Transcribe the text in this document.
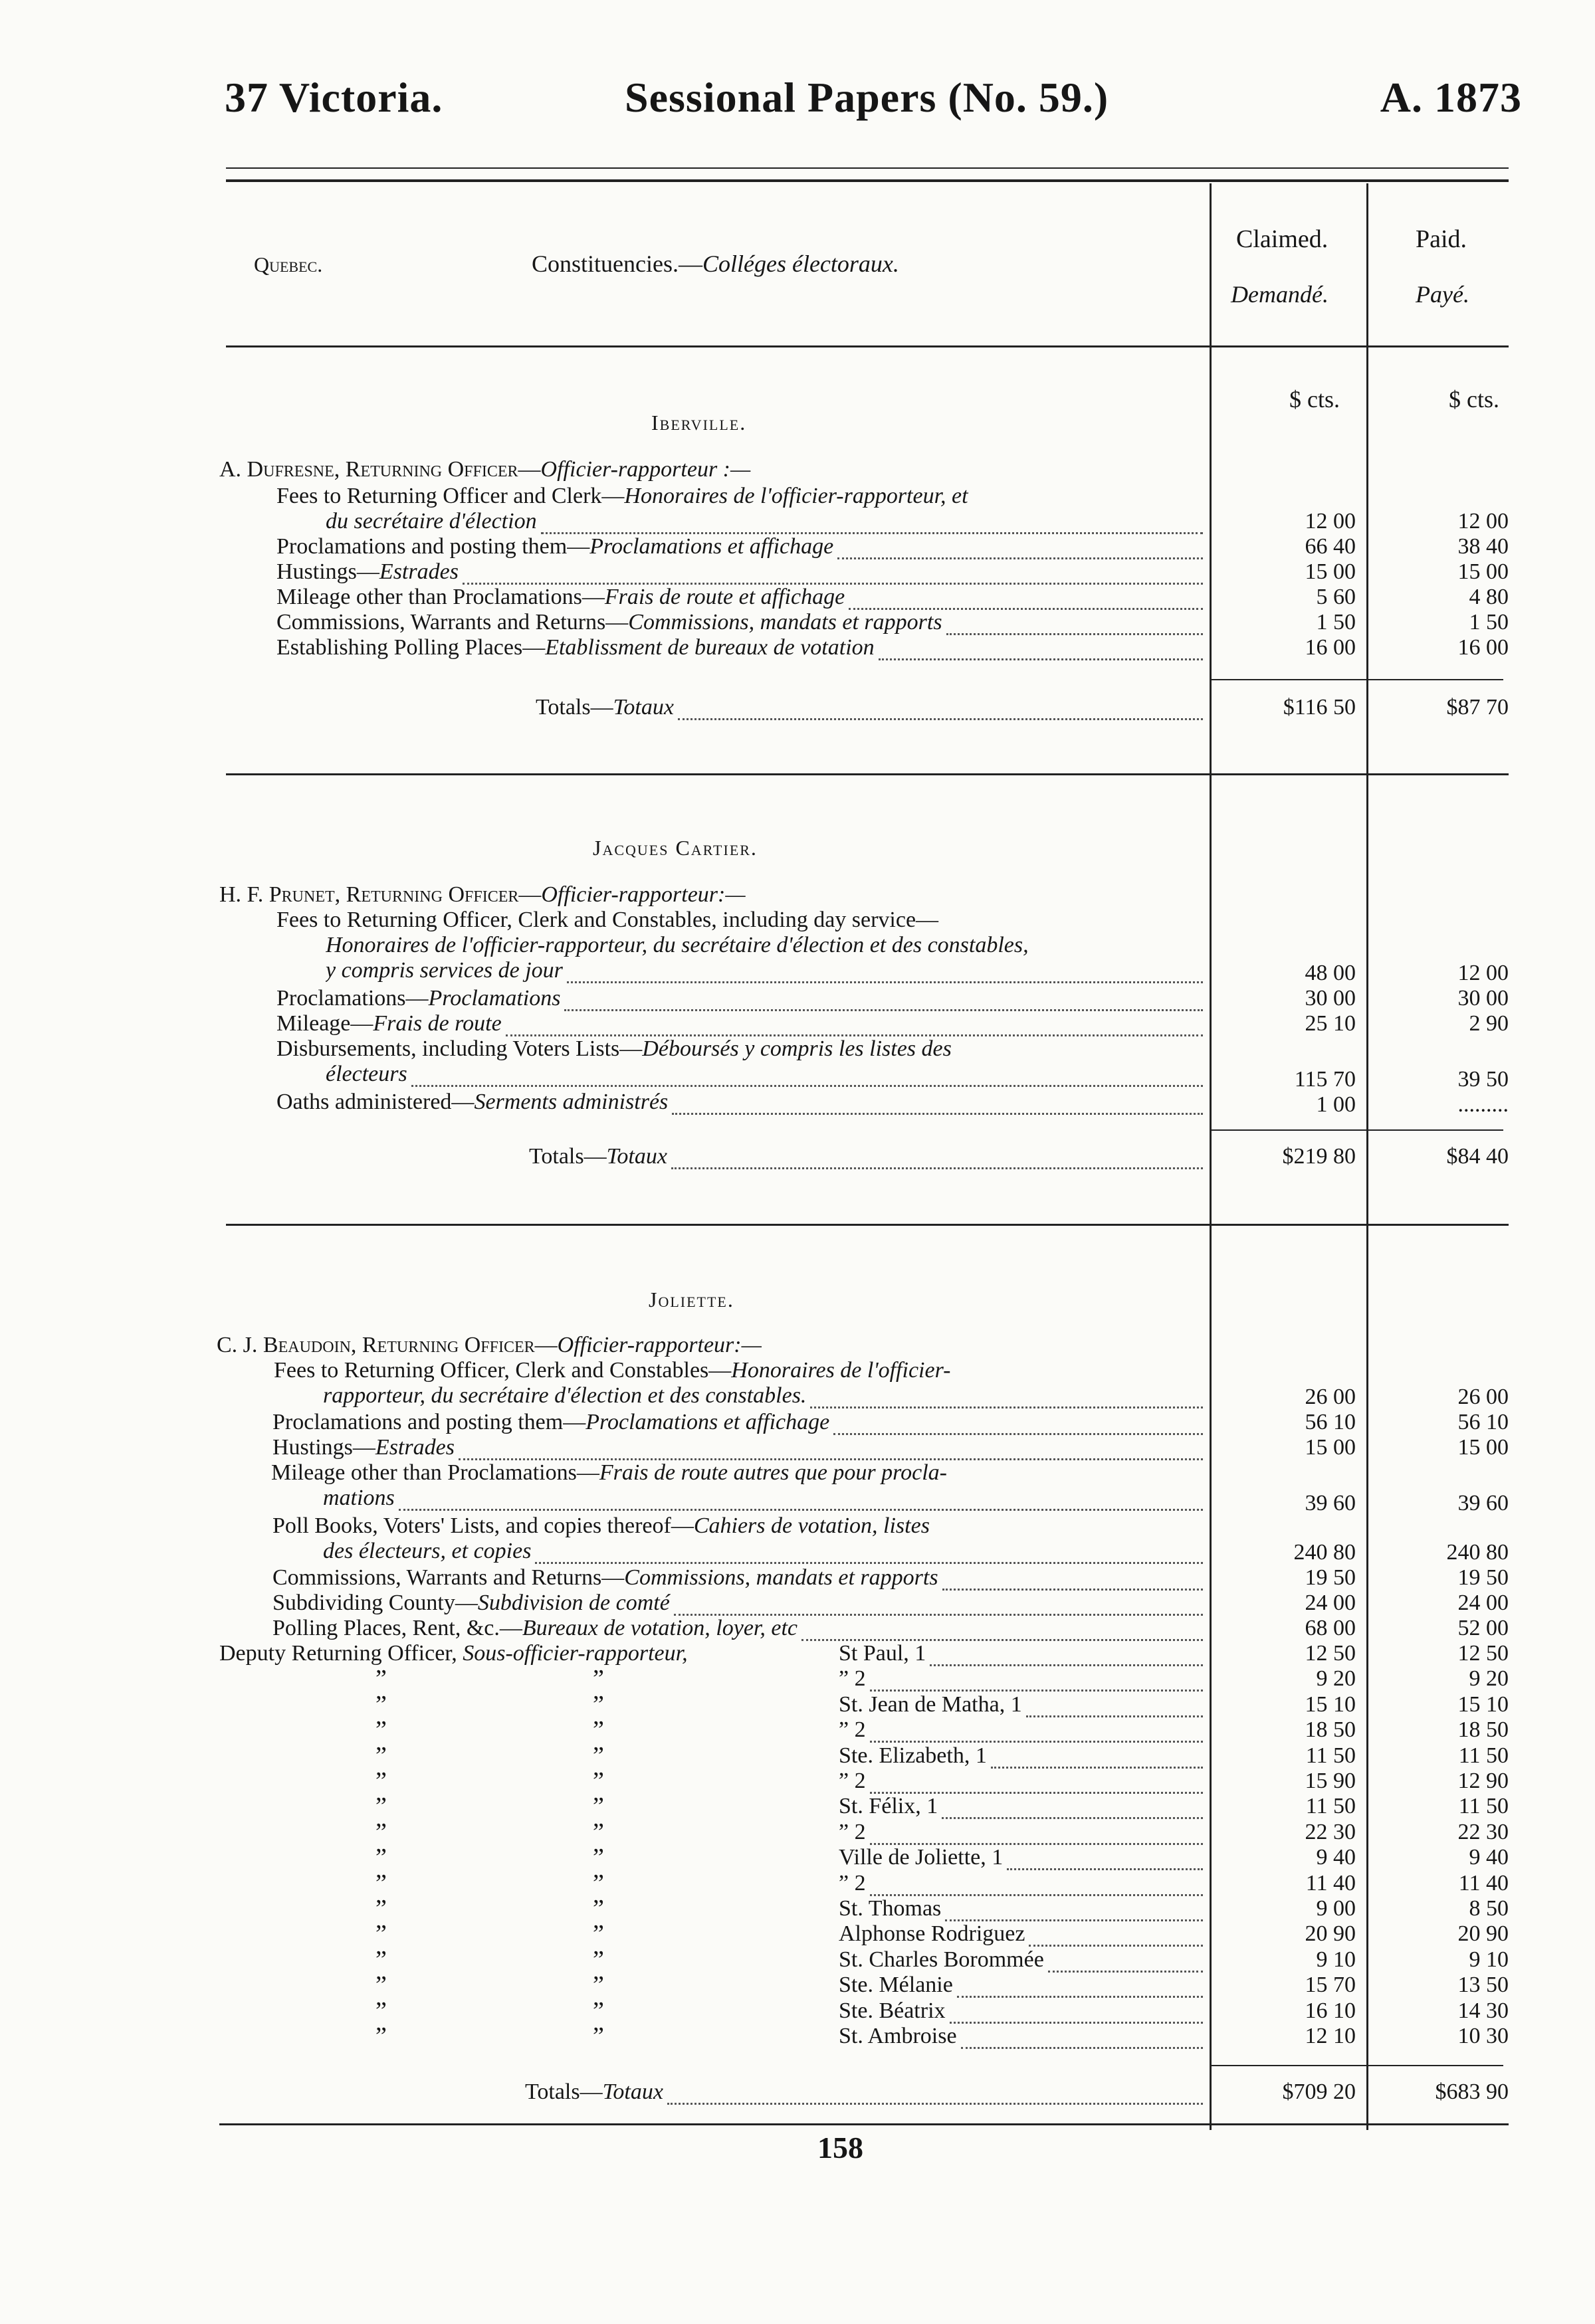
37 Victoria.	Sessional Papers (No. 59.)	A. 1873
Quebec.	Constituencies.—Colléges électoraux.
Claimed.
Demandé.
Paid.
Payé.
$ cts.	$ cts.
Iberville.
A. Dufresne, Returning Officer—Officier-rapporteur :—
Fees to Returning Officer and Clerk—Honoraires de l'officier-rapporteur, et
du secrétaire d'élection	12 00	12 00
Proclamations and posting them— Proclamations et affichage	66 40	38 40
Hustings— Estrades	15 00	15 00
Mileage other than Proclamations— Frais de route et affichage	5 60	4 80
Commissions, Warrants and Returns— Commissions, mandats et rapports	1 50	1 50
Establishing Polling Places— Etablissment de bureaux de votation	16 00	16 00
Totals— Totaux	$116 50	$87 70
Jacques Cartier.
H. F. Prunet, Returning Officer—Officier-rapporteur:—
Fees to Returning Officer, Clerk and Constables, including day service—
Honoraires de l'officier-rapporteur, du secrétaire d'élection et des constables,
y compris services de jour	48 00	12 00
Proclamations— Proclamations	30 00	30 00
Mileage— Frais de route	25 10	2 90
Disbursements, including Voters Lists—Déboursés y compris les listes des
électeurs	115 70	39 50
Oaths administered— Serments administrés	1 00	.........
Totals— Totaux	$219 80	$84 40
Joliette.
C. J. Beaudoin, Returning Officer—Officier-rapporteur:—
Fees to Returning Officer, Clerk and Constables—Honoraires de l'officier-
rapporteur, du secrétaire d'élection et des constables.	26 00	26 00
Proclamations and posting them— Proclamations et affichage	56 10	56 10
Hustings— Estrades	15 00	15 00
Mileage other than Proclamations—Frais de route autres que pour procla-
mations	39 60	39 60
Poll Books, Voters' Lists, and copies thereof—Cahiers de votation, listes
des électeurs, et copies	240 80	240 80
Commissions, Warrants and Returns— Commissions, mandats et rapports	19 50	19 50
Subdividing County— Subdivision de comté	24 00	24 00
Polling Places, Rent, &c.— Bureaux de votation, loyer, etc	68 00	52 00
Deputy Returning Officer, Sous-officier-rapporteur,	St Paul, 1	12 50	12 50
”	”	” 2	9 20	9 20
”	”	St. Jean de Matha, 1	15 10	15 10
”	”	” 2	18 50	18 50
”	”	Ste. Elizabeth, 1	11 50	11 50
”	”	” 2	15 90	12 90
”	”	St. Félix, 1	11 50	11 50
”	”	” 2	22 30	22 30
”	”	Ville de Joliette, 1	9 40	9 40
”	”	” 2	11 40	11 40
”	”	St. Thomas	9 00	8 50
”	”	Alphonse Rodriguez	20 90	20 90
”	”	St. Charles Borommée	9 10	9 10
”	”	Ste. Mélanie	15 70	13 50
”	”	Ste. Béatrix	16 10	14 30
”	”	St. Ambroise	12 10	10 30
Totals— Totaux	$709 20	$683 90
158
